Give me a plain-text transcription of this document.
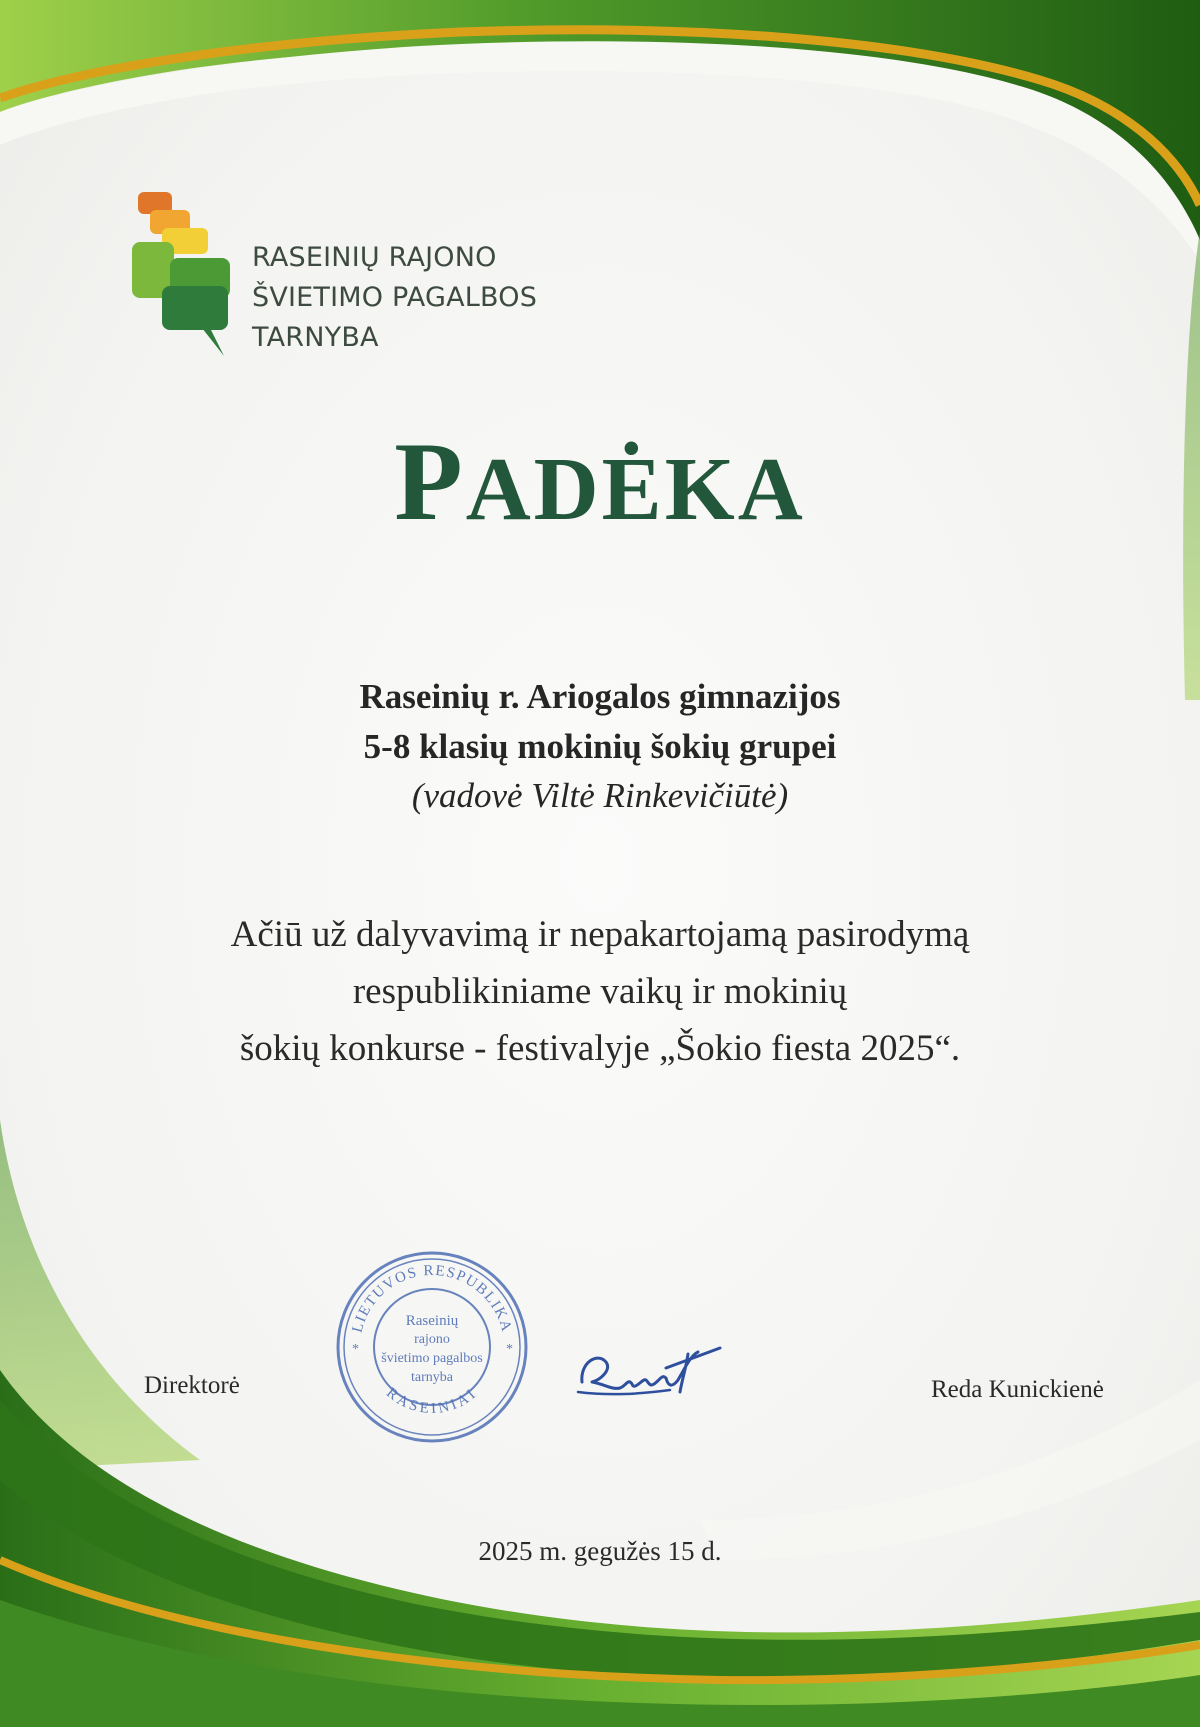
RASEINIŲ RAJONO
ŠVIETIMO PAGALBOS
TARNYBA
PADĖKA
Raseinių r. Ariogalos gimnazijos
5-8 klasių mokinių šokių grupei
(vadovė Viltė Rinkevičiūtė)
Ačiū už dalyvavimą ir nepakartojamą pasirodymą
respublikiniame vaikų ir mokinių
šokių konkurse - festivalyje „Šokio fiesta 2025“.
Direktorė
LIETUVOS RESPUBLIKA
RASEINIAI
*	*
Raseinių
rajono
švietimo pagalbos
tarnyba	Reda Kunickienė
2025 m. gegužės 15 d.
